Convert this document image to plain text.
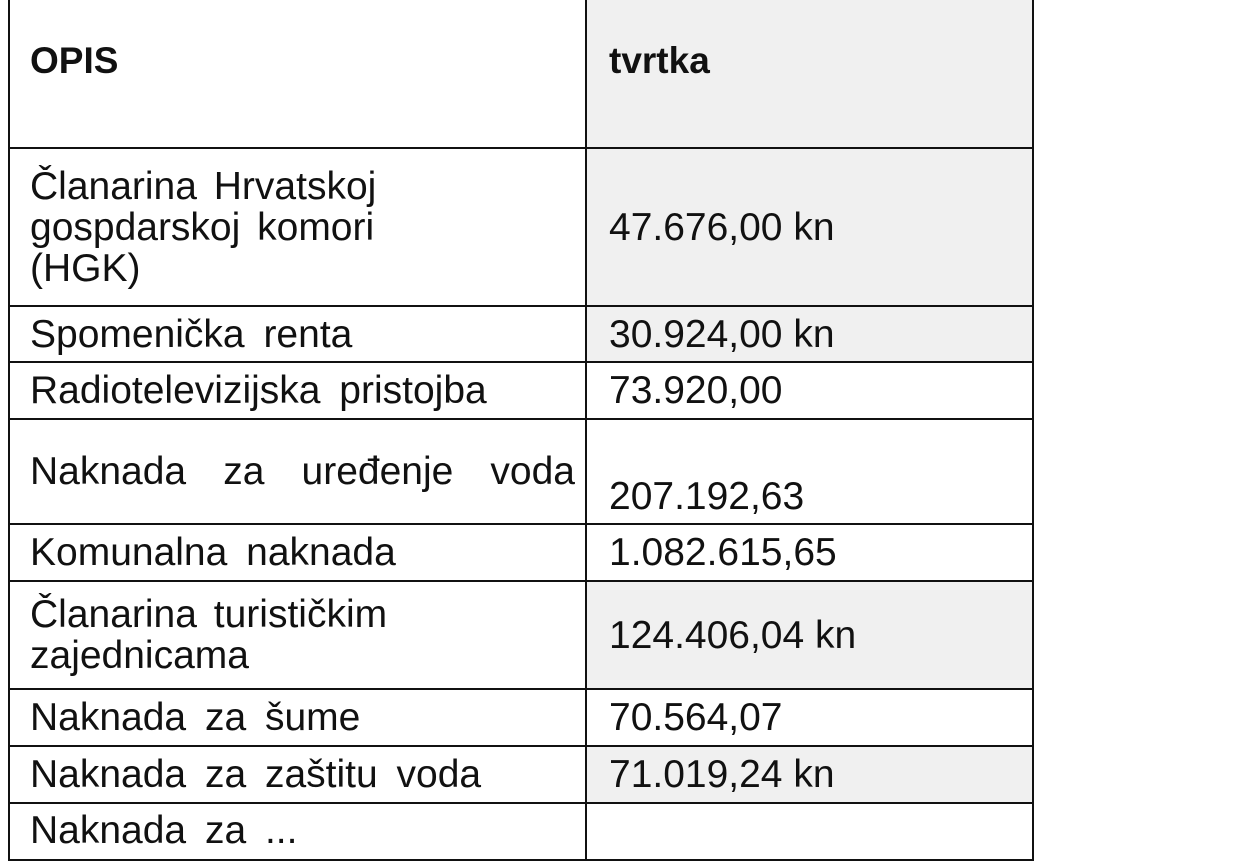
OPIS	tvrtka

Članarina Hrvatskoj gospdarskoj komori (HGK)	47.676,00 kn
Spomenička renta	30.924,00 kn
Radiotelevizijska pristojba	73.920,00
Naknada za uređenje voda	207.192,63
Komunalna naknada	1.082.615,65

Članarina turističkim zajednicama	124.406,04 kn
Naknada za šume	70.564,07
Naknada za zaštitu voda	71.019,24 kn
Naknada za ...	
